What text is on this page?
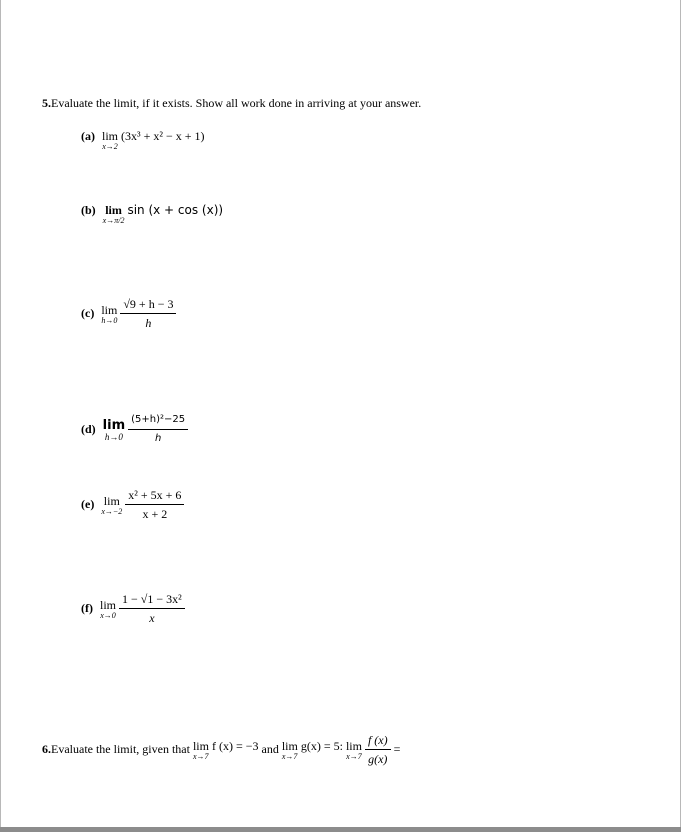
5.Evaluate the limit, if it exists. Show all work done in arriving at your answer.
(a) lim
x→2
(3x³ + x² − x + 1)
(b) lim
x→π/2
sin (x + cos (x))
(c) lim
h→0
$\frac{√9 + h - 3}{h}$
(d) lim
h→0
$\frac{\text{(5+h)²−25}}{h}$
(e) lim
x→−2
$\frac{\text{x² + 5x + 6}}{x + 2}$
(f) lim
x→0
$\frac{\text{1 − √1 − 3x²}}{x}$
6.Evaluate the limit, given that lim f (x) = −3
x→7	and lim g(x) = 5:
x→7

lim
x→7
$\frac{f (x)}{g(x)}$ =
